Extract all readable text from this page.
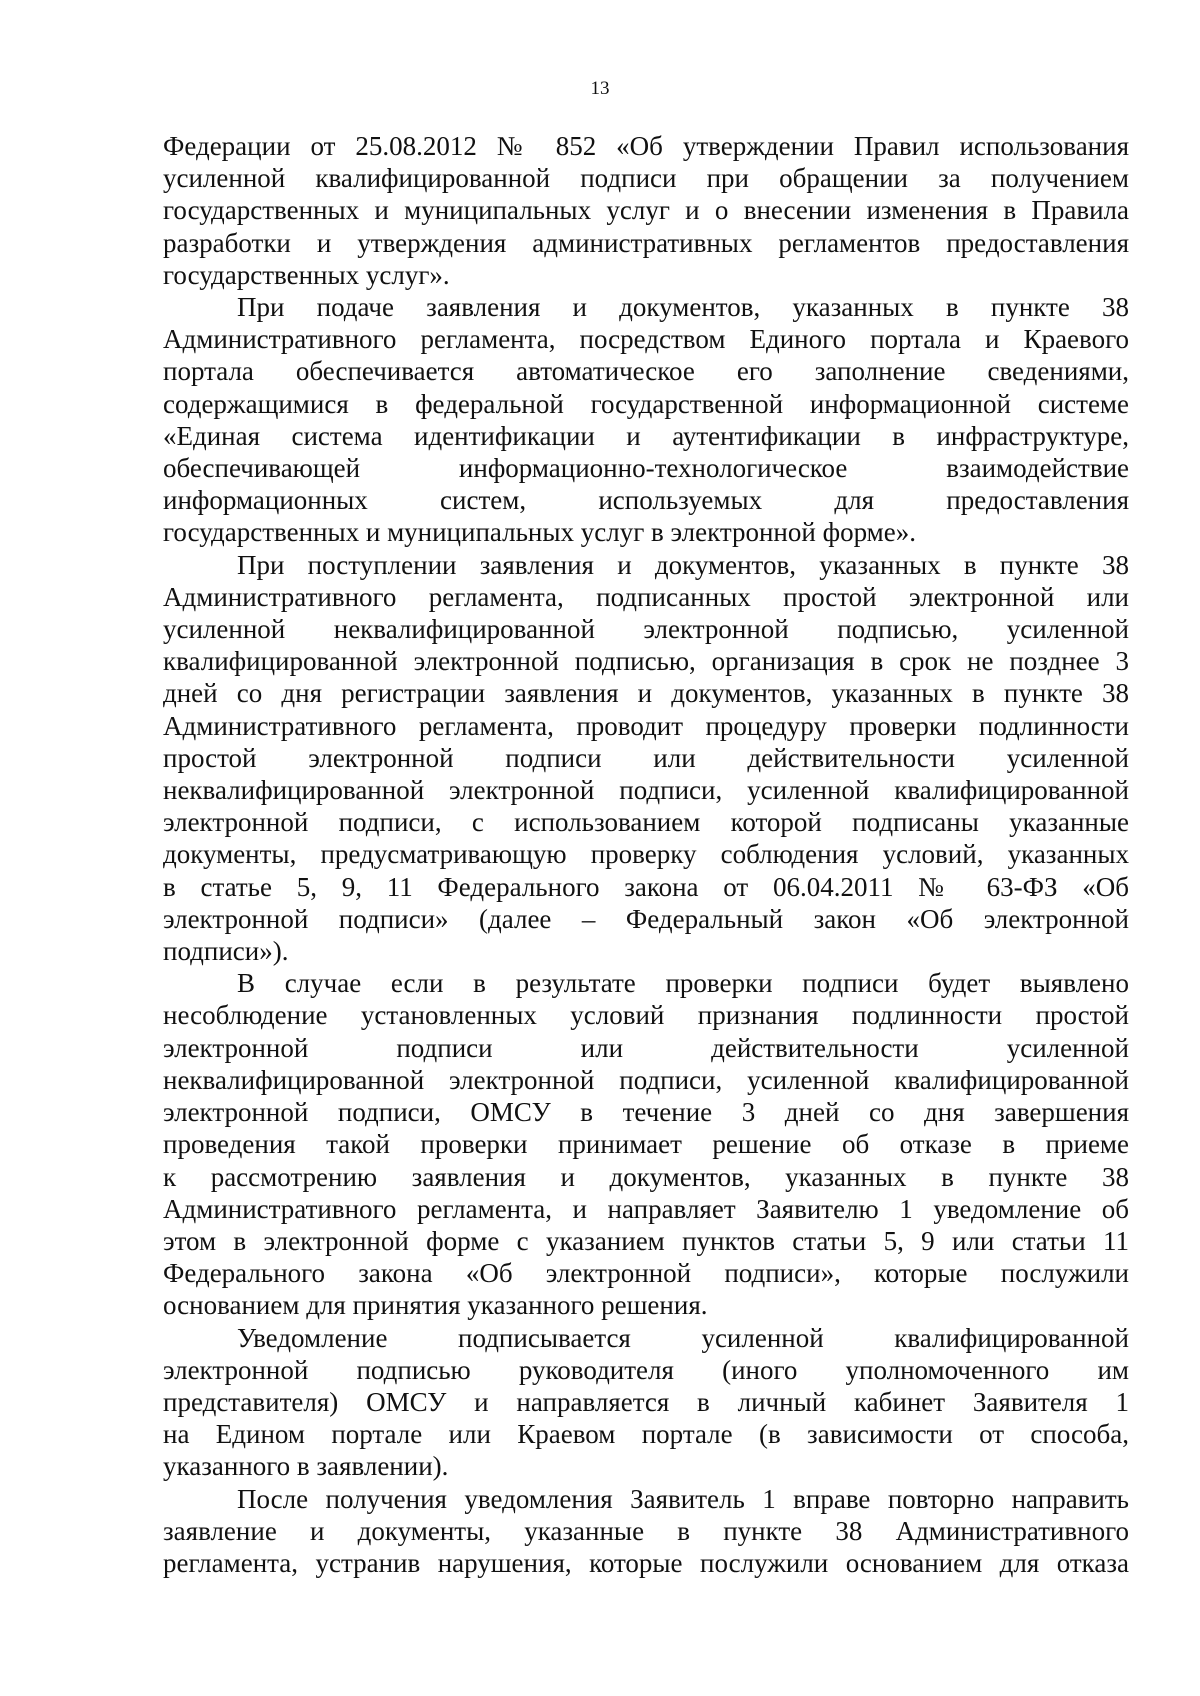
13
Федерации от 25.08.2012 № 852 «Об утверждении Правил использования
усиленной квалифицированной подписи при обращении за получением
государственных и муниципальных услуг и о внесении изменения в Правила
разработки и утверждения административных регламентов предоставления
государственных услуг».
При подаче заявления и документов, указанных в пункте 38
Административного регламента, посредством Единого портала и Краевого
портала обеспечивается автоматическое его заполнение сведениями,
содержащимися в федеральной государственной информационной системе
«Единая система идентификации и аутентификации в инфраструктуре,
обеспечивающей информационно-технологическое взаимодействие
информационных систем, используемых для предоставления
государственных и муниципальных услуг в электронной форме».
При поступлении заявления и документов, указанных в пункте 38
Административного регламента, подписанных простой электронной или
усиленной неквалифицированной электронной подписью, усиленной
квалифицированной электронной подписью, организация в срок не позднее 3
дней со дня регистрации заявления и документов, указанных в пункте 38
Административного регламента, проводит процедуру проверки подлинности
простой электронной подписи или действительности усиленной
неквалифицированной электронной подписи, усиленной квалифицированной
электронной подписи, с использованием которой подписаны указанные
документы, предусматривающую проверку соблюдения условий, указанных
в статье 5, 9, 11 Федерального закона от 06.04.2011 № 63-ФЗ «Об
электронной подписи» (далее – Федеральный закон «Об электронной
подписи»).
В случае если в результате проверки подписи будет выявлено
несоблюдение установленных условий признания подлинности простой
электронной подписи или действительности усиленной
неквалифицированной электронной подписи, усиленной квалифицированной
электронной подписи, ОМСУ в течение 3 дней со дня завершения
проведения такой проверки принимает решение об отказе в приеме
к рассмотрению заявления и документов, указанных в пункте 38
Административного регламента, и направляет Заявителю 1 уведомление об
этом в электронной форме с указанием пунктов статьи 5, 9 или статьи 11
Федерального закона «Об электронной подписи», которые послужили
основанием для принятия указанного решения.
Уведомление подписывается усиленной квалифицированной
электронной подписью руководителя (иного уполномоченного им
представителя) ОМСУ и направляется в личный кабинет Заявителя 1
на Едином портале или Краевом портале (в зависимости от способа,
указанного в заявлении).
После получения уведомления Заявитель 1 вправе повторно направить
заявление и документы, указанные в пункте 38 Административного
регламента, устранив нарушения, которые послужили основанием для отказа
